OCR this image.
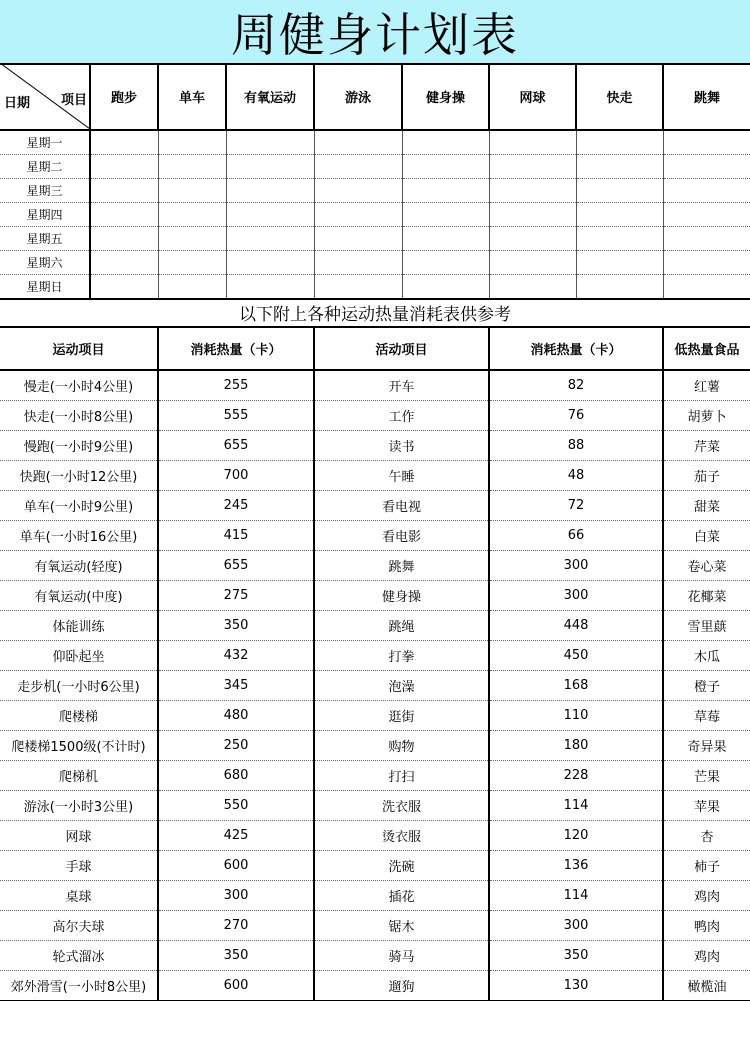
周健身计划表
日期 项目	跑步	单车	有氧运动	游泳	健身操	网球	快走	跳舞
星期一								
星期二								
星期三								
星期四								
星期五								
星期六								
星期日								
以下附上各种运动热量消耗表供参考
运动项目	消耗热量（卡）	活动项目	消耗热量（卡）	低热量食品
慢走(一小时4公里)	255	开车	82	红薯
快走(一小时8公里)	555	工作	76	胡萝卜
慢跑(一小时9公里)	655	读书	88	芹菜
快跑(一小时12公里)	700	午睡	48	茄子
单车(一小时9公里)	245	看电视	72	甜菜
单车(一小时16公里)	415	看电影	66	白菜
有氧运动(轻度)	655	跳舞	300	卷心菜
有氧运动(中度)	275	健身操	300	花椰菜
体能训练	350	跳绳	448	雪里蕻
仰卧起坐	432	打拳	450	木瓜
走步机(一小时6公里)	345	泡澡	168	橙子
爬楼梯	480	逛街	110	草莓
爬楼梯1500级(不计时)	250	购物	180	奇异果
爬梯机	680	打扫	228	芒果
游泳(一小时3公里)	550	洗衣服	114	苹果
网球	425	烫衣服	120	杏
手球	600	洗碗	136	柿子
桌球	300	插花	114	鸡肉
高尔夫球	270	锯木	300	鸭肉
轮式溜冰	350	骑马	350	鸡肉
郊外滑雪(一小时8公里)	600	遛狗	130	橄榄油
